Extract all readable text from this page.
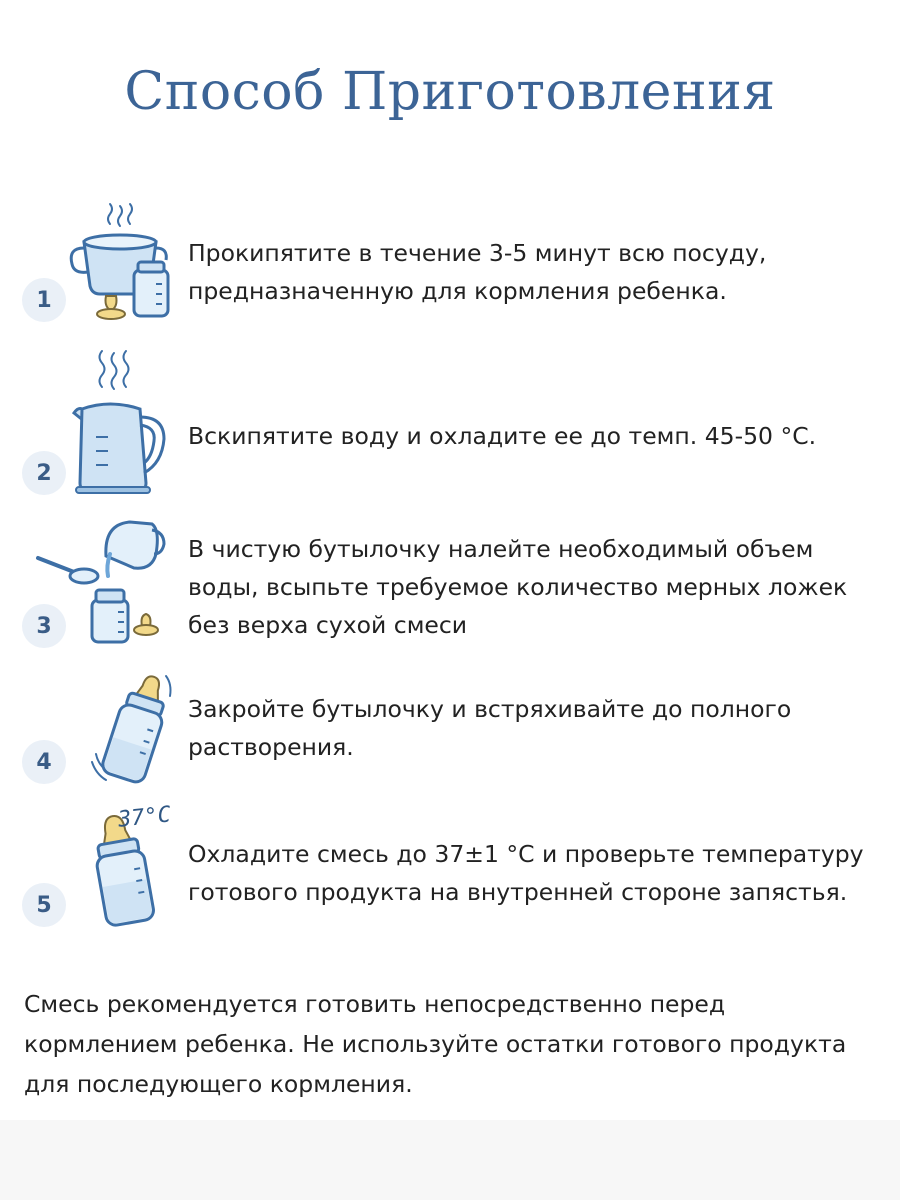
Способ Приготовления
1
Прокипятите в течение 3-5 минут всю посуду,
предназначенную для кормления ребенка.
2
Вскипятите воду и охладите ее до темп. 45-50 °С.
3
В чистую бутылочку налейте необходимый объем
воды, всыпьте требуемое количество мерных ложек
без верха сухой смеси
4
Закройте бутылочку и встряхивайте до полного
растворения.
5
37°C
Охладите смесь до 37±1 °С и проверьте температуру
готового продукта на внутренней стороне запястья.
Смесь рекомендуется готовить непосредственно перед
кормлением ребенка. Не используйте остатки готового продукта
для последующего кормления.
